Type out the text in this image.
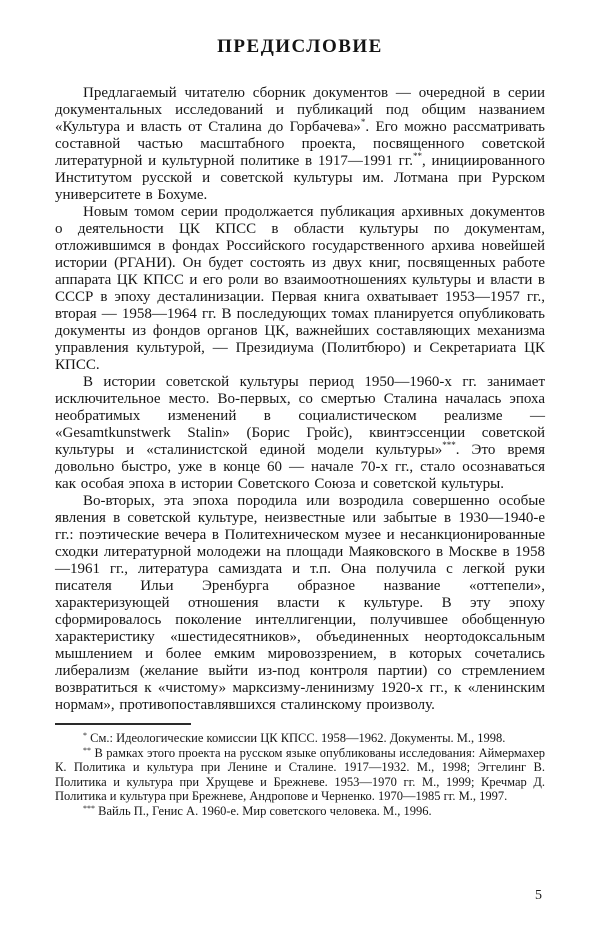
ПРЕДИСЛОВИЕ

Предлагаемый читателю сборник документов — очередной в серии документальных исследований и публикаций под общим названием «Культура и власть от Сталина до Горбачева»*. Его можно рассматривать составной частью масштабного проекта, посвященного советской литературной и культурной политике в 1917—1991 гг.**, инициированного Институтом русской и советской культуры им. Лотмана при Рурском университете в Бохуме.

Новым томом серии продолжается публикация архивных документов о деятельности ЦК КПСС в области культуры по документам, отложившимся в фондах Российского государственного архива новейшей истории (РГАНИ). Он будет состоять из двух книг, посвященных работе аппарата ЦК КПСС и его роли во взаимоотношениях культуры и власти в СССР в эпоху десталинизации. Первая книга охватывает 1953—1957 гг., вторая — 1958—1964 гг. В последующих томах планируется опубликовать документы из фондов органов ЦК, важнейших составляющих механизма управления культурой, — Президиума (Политбюро) и Секретариата ЦК КПСС.

В истории советской культуры период 1950—1960-х гг. занимает исключительное место. Во-первых, со смертью Сталина началась эпоха необратимых изменений в социалистическом реализме — «Gesamtkunstwerk Stalin» (Борис Гройс), квинтэссенции советской культуры и «сталинистской единой модели культуры»***. Это время довольно быстро, уже в конце 60 — начале 70-х гг., стало осознаваться как особая эпоха в истории Советского Союза и советской культуры.

Во-вторых, эта эпоха породила или возродила совершенно особые явления в советской культуре, неизвестные или забытые в 1930—1940-е гг.: поэтические вечера в Политехническом музее и несанкционированные сходки литературной молодежи на площади Маяковского в Москве в 1958—1961 гг., литература самиздата и т.п. Она получила с легкой руки писателя Ильи Эренбурга образное название «оттепели», характеризующей отношения власти к культуре. В эту эпоху сформировалось поколение интеллигенции, получившее обобщенную характеристику «шестидесятников», объединенных неортодоксальным мышлением и более емким мировоззрением, в которых сочетались либерализм (желание выйти из-под контроля партии) со стремлением возвратиться к «чистому» марксизму-ленинизму 1920-х гг., к «ленинским нормам», противопоставлявшихся сталинскому произволу.

* См.: Идеологические комиссии ЦК КПСС. 1958—1962. Документы. М., 1998.

** В рамках этого проекта на русском языке опубликованы исследования: Аймермахер К. Политика и культура при Ленине и Сталине. 1917—1932. М., 1998; Эггелинг В. Политика и культура при Хрущеве и Брежневе. 1953—1970 гг. М., 1999; Кречмар Д. Политика и культура при Брежневе, Андропове и Черненко. 1970—1985 гг. М., 1997.

*** Вайль П., Генис А. 1960-е. Мир советского человека. М., 1996.

5
